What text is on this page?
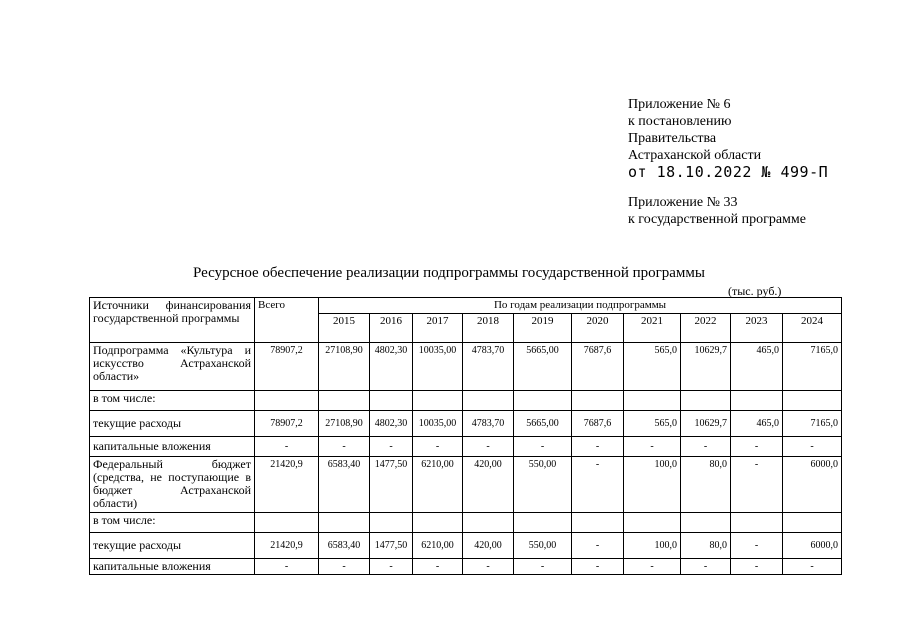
Приложение № 6
к постановлению
Правительства
Астраханской области
от 18.10.2022 № 499-П
Приложение № 33
к государственной программе
Ресурсное обеспечение реализации подпрограммы государственной программы
(тыс. руб.)
Источники финансирования государственной программы	Всего	По годам реализации подпрограммы									
		2015	2016	2017	2018	2019	2020	2021	2022	2023	2024
Подпрограмма «Культура и искусство Астраханской области»	78907,2	27108,90	4802,30	10035,00	4783,70	5665,00	7687,6	565,0	10629,7	465,0	7165,0
в том числе:											
текущие расходы	78907,2	27108,90	4802,30	10035,00	4783,70	5665,00	7687,6	565,0	10629,7	465,0	7165,0
капитальные вложения	-	-	-	-	-	-	-	-	-	-	-
Федеральный бюджет (средства, не поступающие в бюджет Астраханской области)	21420,9	6583,40	1477,50	6210,00	420,00	550,00	-	100,0	80,0	-	6000,0
в том числе:											
текущие расходы	21420,9	6583,40	1477,50	6210,00	420,00	550,00	-	100,0	80,0	-	6000,0
капитальные вложения	-	-	-	-	-	-	-	-	-	-	-
